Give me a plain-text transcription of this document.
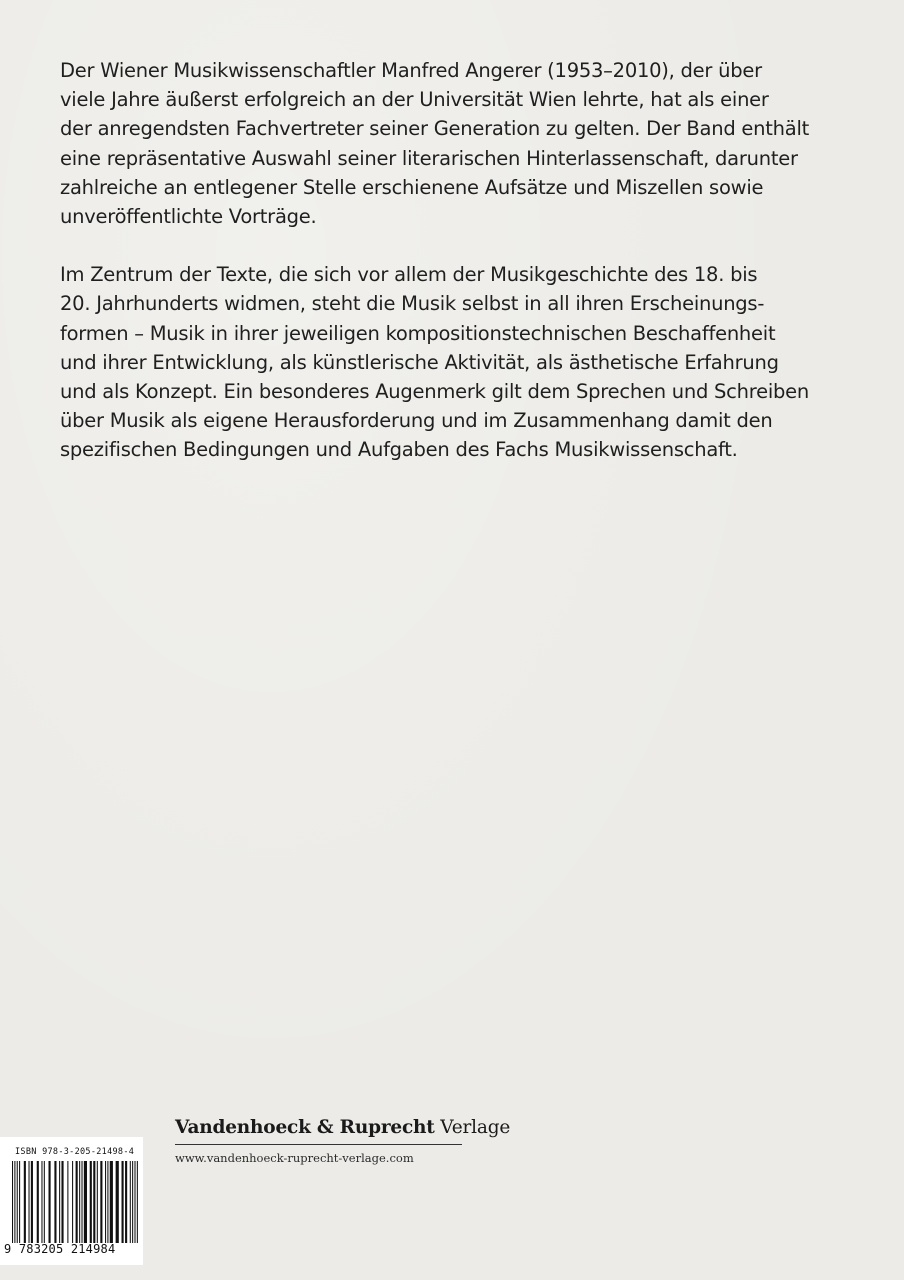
Der Wiener Musikwissenschaftler Manfred Angerer (1953–2010), der über
viele Jahre äußerst erfolgreich an der Universität Wien lehrte, hat als einer
der anregendsten Fachvertreter seiner Generation zu gelten. Der Band enthält
eine repräsentative Auswahl seiner literarischen Hinterlassenschaft, darunter
zahlreiche an entlegener Stelle erschienene Aufsätze und Miszellen sowie
unveröffentlichte Vorträge.

Im Zentrum der Texte, die sich vor allem der Musikgeschichte des 18. bis
20. Jahrhunderts widmen, steht die Musik selbst in all ihren Erscheinungs-
formen – Musik in ihrer jeweiligen kompositionstechnischen Beschaffenheit
und ihrer Entwicklung, als künstlerische Aktivität, als ästhetische Erfahrung
und als Konzept. Ein besonderes Augenmerk gilt dem Sprechen und Schreiben
über Musik als eigene Herausforderung und im Zusammenhang damit den
spezifischen Bedingungen und Aufgaben des Fachs Musikwissenschaft.

ISBN 978-3-205-21498-4
9 783205 214984
Vandenhoeck & Ruprecht Verlage
www.vandenhoeck-ruprecht-verlage.com
